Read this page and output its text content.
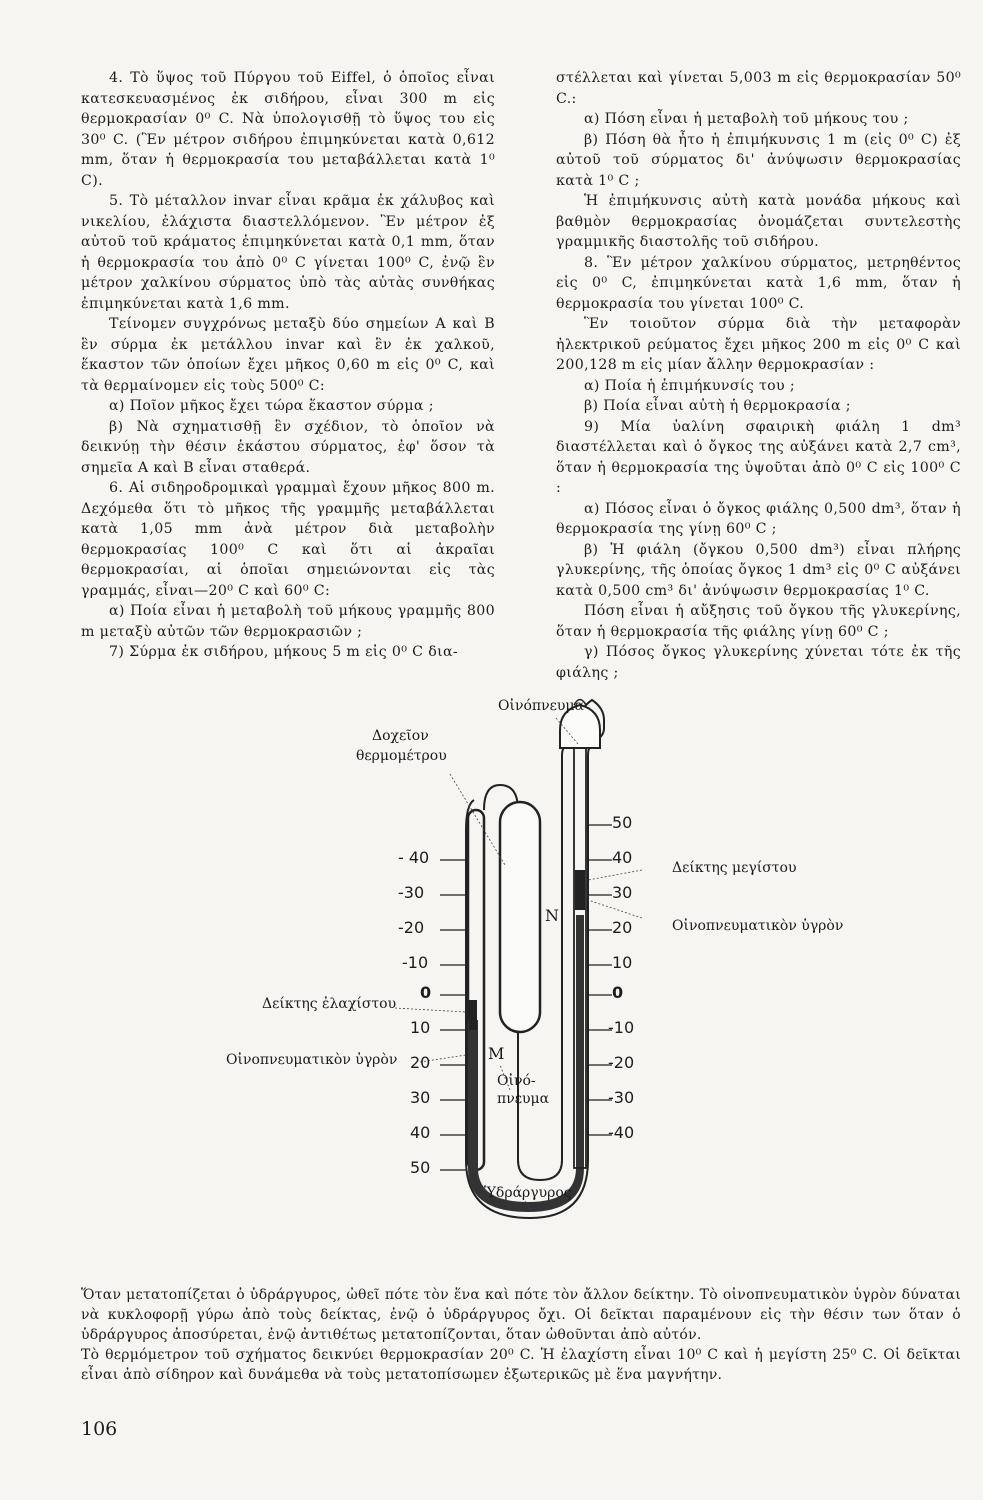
4. Τὸ ὕψος τοῦ Πύργου τοῦ Eiffel, ὁ ὁποῖος εἶναι κατεσκευασμένος ἐκ σιδήρου, εἶναι 300 m εἰς θερμοκρασίαν 0⁰ C. Νὰ ὑπολογισθῇ τὸ ὕψος του εἰς 30⁰ C. (Ἓν μέτρον σιδήρου ἐπιμηκύνεται κατὰ 0,612 mm, ὅταν ἡ θερμοκρασία του μεταβάλλεται κατὰ 1⁰ C).

5. Τὸ μέταλλον invar εἶναι κρᾶμα ἐκ χάλυβος καὶ νικελίου, ἐλάχιστα διαστελλόμενον. Ἓν μέτρον ἐξ αὐτοῦ τοῦ κράματος ἐπιμηκύνεται κατὰ 0,1 mm, ὅταν ἡ θερμοκρασία του ἀπὸ 0⁰ C γίνεται 100⁰ C, ἐνῷ ἓν μέτρον χαλκίνου σύρματος ὑπὸ τὰς αὐτὰς συνθήκας ἐπιμηκύνεται κατὰ 1,6 mm.

Τείνομεν συγχρόνως μεταξὺ δύο σημείων Α καὶ Β ἓν σύρμα ἐκ μετάλλου invar καὶ ἓν ἐκ χαλκοῦ, ἕκαστον τῶν ὁποίων ἔχει μῆκος 0,60 m εἰς 0⁰ C, καὶ τὰ θερμαίνομεν εἰς τοὺς 500⁰ C:

α) Ποῖον μῆκος ἔχει τώρα ἕκαστον σύρμα ;

β) Νὰ σχηματισθῇ ἓν σχέδιον, τὸ ὁποῖον νὰ δεικνύῃ τὴν θέσιν ἑκάστου σύρματος, ἐφ' ὅσον τὰ σημεῖα Α καὶ Β εἶναι σταθερά.

6. Αἱ σιδηροδρομικαὶ γραμμαὶ ἔχουν μῆκος 800 m. Δεχόμεθα ὅτι τὸ μῆκος τῆς γραμμῆς μεταβάλλεται κατὰ 1,05 mm ἀνὰ μέτρον διὰ μεταβολὴν θερμοκρασίας 100⁰ C καὶ ὅτι αἱ ἀκραῖαι θερμοκρασίαι, αἱ ὁποῖαι σημειώνονται εἰς τὰς γραμμάς, εἶναι—20⁰ C καὶ 60⁰ C:

α) Ποία εἶναι ἡ μεταβολὴ τοῦ μήκους γραμμῆς 800 m μεταξὺ αὐτῶν τῶν θερμοκρασιῶν ;

7) Σύρμα ἐκ σιδήρου, μήκους 5 m εἰς 0⁰ C δια-

στέλλεται καὶ γίνεται 5,003 m εἰς θερμοκρασίαν 50⁰ C.:

α) Πόση εἶναι ἡ μεταβολὴ τοῦ μήκους του ;

β) Πόση θὰ ἦτο ἡ ἐπιμήκυνσις 1 m (εἰς 0⁰ C) ἐξ αὐτοῦ τοῦ σύρματος δι' ἀνύψωσιν θερμοκρασίας κατὰ 1⁰ C ;

Ἡ ἐπιμήκυνσις αὐτὴ κατὰ μονάδα μήκους καὶ βαθμὸν θερμοκρασίας ὀνομάζεται συντελεστὴς γραμμικῆς διαστολῆς τοῦ σιδήρου.

8. Ἓν μέτρον χαλκίνου σύρματος, μετρηθέντος εἰς 0⁰ C, ἐπιμηκύνεται κατὰ 1,6 mm, ὅταν ἡ θερμοκρασία του γίνεται 100⁰ C.

Ἓν τοιοῦτον σύρμα διὰ τὴν μεταφορὰν ἠλεκτρικοῦ ρεύματος ἔχει μῆκος 200 m εἰς 0⁰ C καὶ 200,128 m εἰς μίαν ἄλλην θερμοκρασίαν :

α) Ποία ἡ ἐπιμήκυνσίς του ;

β) Ποία εἶναι αὐτὴ ἡ θερμοκρασία ;

9) Μία ὑαλίνη σφαιρικὴ φιάλη 1 dm³ διαστέλλεται καὶ ὁ ὄγκος της αὐξάνει κατὰ 2,7 cm³, ὅταν ἡ θερμοκρασία της ὑψοῦται ἀπὸ 0⁰ C εἰς 100⁰ C :

α) Πόσος εἶναι ὁ ὄγκος φιάλης 0,500 dm³, ὅταν ἡ θερμοκρασία της γίνῃ 60⁰ C ;

β) Ἡ φιάλη (ὄγκου 0,500 dm³) εἶναι πλήρης γλυκερίνης, τῆς ὁποίας ὄγκος 1 dm³ εἰς 0⁰ C αὐξάνει κατὰ 0,500 cm³ δι' ἀνύψωσιν θερμοκρασίας 1⁰ C.

Πόση εἶναι ἡ αὔξησις τοῦ ὄγκου τῆς γλυκερίνης, ὅταν ἡ θερμοκρασία τῆς φιάλης γίνῃ 60⁰ C ;

γ) Πόσος ὄγκος γλυκερίνης χύνεται τότε ἐκ τῆς φιάλης ;

Οἰνόπνευμα
Δοχεῖον
θερμομέτρου
Δείκτης μεγίστου
Οἰνοπνευματικὸν ὑγρὸν
Δείκτης ἐλαχίστου
Οἰνοπνευματικὸν ὑγρὸν
Οἰνό-
πνευμα
Ὑδράργυρος
N
M
- 40
-30
-20
-10
0
10
20
30
40
50
50
40
30
20
10
0
-10
-20
-30
-40

Ὅταν μετατοπίζεται ὁ ὑδράργυρος, ὠθεῖ πότε τὸν ἕνα καὶ πότε τὸν ἄλλον δείκτην. Τὸ οἰνοπνευματικὸν ὑγρὸν δύναται νὰ κυκλοφορῇ γύρω ἀπὸ τοὺς δείκτας, ἐνῷ ὁ ὑδράργυρος ὄχι. Οἱ δεῖκται παραμένουν εἰς τὴν θέσιν των ὅταν ὁ ὑδράργυρος ἀποσύρεται, ἐνῷ ἀντιθέτως μετατοπίζονται, ὅταν ὠθοῦνται ἀπὸ αὐτόν.

Τὸ θερμόμετρον τοῦ σχήματος δεικνύει θερμοκρασίαν 20⁰ C. Ἡ ἐλαχίστη εἶναι 10⁰ C καὶ ἡ μεγίστη 25⁰ C. Οἱ δεῖκται εἶναι ἀπὸ σίδηρον καὶ δυνάμεθα νὰ τοὺς μετατοπίσωμεν ἐξωτερικῶς μὲ ἕνα μαγνήτην.

106
